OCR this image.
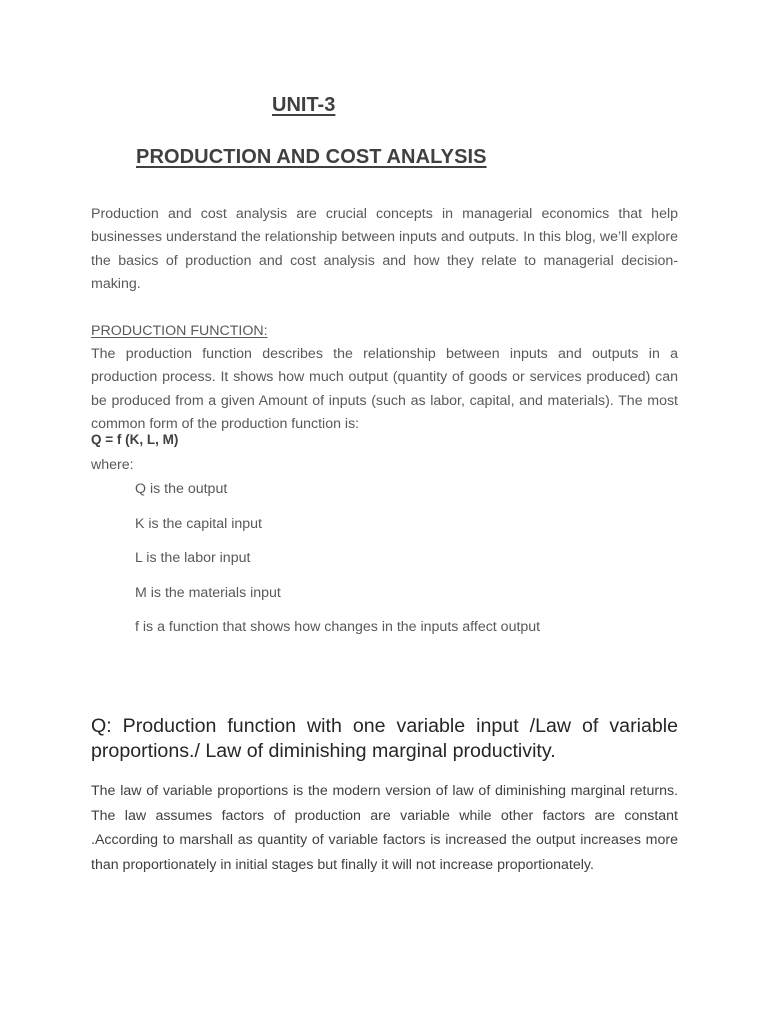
UNIT-3
PRODUCTION AND COST ANALYSIS

Production and cost analysis are crucial concepts in managerial economics that help businesses understand the relationship between inputs and outputs. In this blog, we’ll explore the basics of production and cost analysis and how they relate to managerial decision-making.

PRODUCTION FUNCTION:

The production function describes the relationship between inputs and outputs in a production process. It shows how much output (quantity of goods or services produced) can be produced from a given Amount of inputs (such as labor, capital, and materials). The most common form of the production function is:

Q = f (K, L, M)

where:

Q is the output
K is the capital input
L is the labor input
M is the materials input
f is a function that shows how changes in the inputs affect output
Q: Production function with one variable input /Law of variable proportions./ Law of diminishing marginal productivity.

The law of variable proportions is the modern version of law of diminishing marginal returns. The law assumes factors of production are variable while other factors are constant .According to marshall as quantity of variable factors is increased the output increases more than proportionately in initial stages but finally it will not increase proportionately.
